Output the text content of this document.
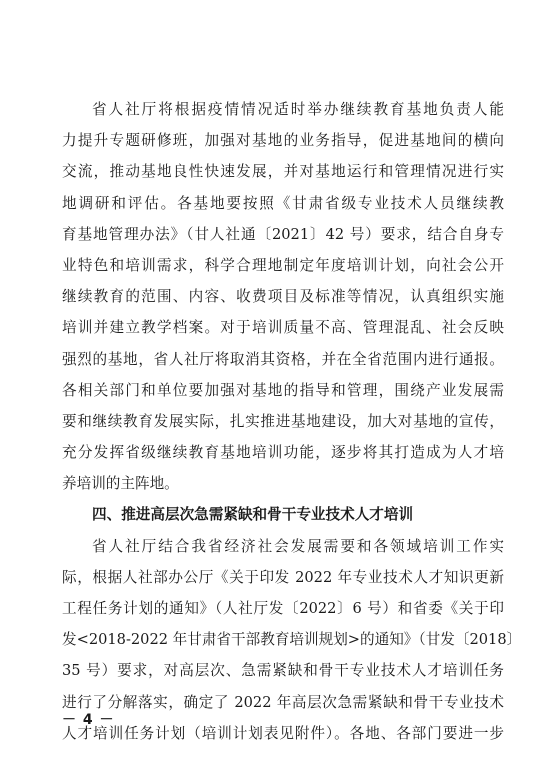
省人社厅将根据疫情情况适时举办继续教育基地负责人能
力提升专题研修班，加强对基地的业务指导，促进基地间的横向
交流，推动基地良性快速发展，并对基地运行和管理情况进行实
地调研和评估。各基地要按照《甘肃省级专业技术人员继续教
育基地管理办法》（甘人社通〔2021〕42 号）要求，结合自身专
业特色和培训需求，科学合理地制定年度培训计划，向社会公开
继续教育的范围、内容、收费项目及标准等情况，认真组织实施
培训并建立教学档案。对于培训质量不高、管理混乱、社会反映
强烈的基地，省人社厅将取消其资格，并在全省范围内进行通报。
各相关部门和单位要加强对基地的指导和管理，围绕产业发展需
要和继续教育发展实际，扎实推进基地建设，加大对基地的宣传，
充分发挥省级继续教育基地培训功能，逐步将其打造成为人才培
养培训的主阵地。
四、推进高层次急需紧缺和骨干专业技术人才培训
省人社厅结合我省经济社会发展需要和各领域培训工作实
际，根据人社部办公厅《关于印发 2022 年专业技术人才知识更新
工程任务计划的通知》（人社厅发〔2022〕6 号）和省委《关于印
发<2018-2022 年甘肃省干部教育培训规划>的通知》（甘发〔2018〕
35 号）要求，对高层次、急需紧缺和骨干专业技术人才培训任务
进行了分解落实，确定了 2022 年高层次急需紧缺和骨干专业技术
人才培训任务计划（培训计划表见附件）。各地、各部门要进一步
－ 4 －
